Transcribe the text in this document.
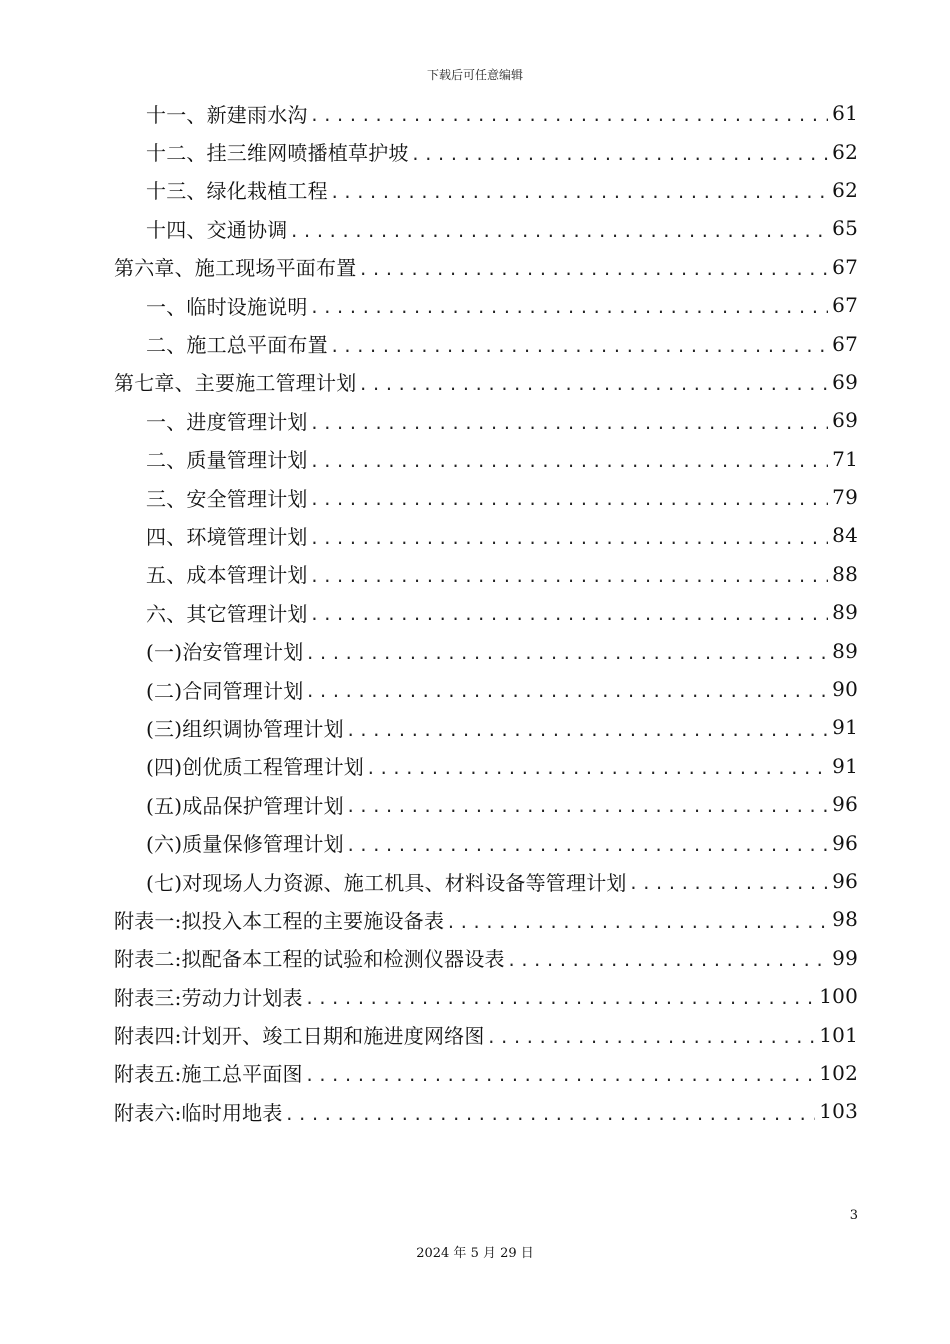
下载后可任意编辑
十一、新建雨水沟 .....	61
十二、挂三维网喷播植草护坡 .....	62
十三、绿化栽植工程 .....	62
十四、交通协调 .....	65
第六章、施工现场平面布置 .....	67
一、临时设施说明 .....	67
二、施工总平面布置 .....	67
第七章、主要施工管理计划 .....	69
一、进度管理计划 .....	69
二、质量管理计划 .....	71
三、安全管理计划 .....	79
四、环境管理计划 .....	84
五、成本管理计划 .....	88
六、其它管理计划 .....	89
(一)治安管理计划 .....	89
(二)合同管理计划 .....	90
(三)组织调协管理计划 .....	91
(四)创优质工程管理计划 .....	91
(五)成品保护管理计划 .....	96
(六)质量保修管理计划 .....	96
(七)对现场人力资源、施工机具、材料设备等管理计划 .....	96
附表一:拟投入本工程的主要施设备表 .....	98
附表二:拟配备本工程的试验和检测仪器设表 .....	99
附表三:劳动力计划表 .....	100
附表四:计划开、竣工日期和施进度网络图 .....	101
附表五:施工总平面图 .....	102
附表六:临时用地表 .....	103
3
2024 年 5 月 29 日
